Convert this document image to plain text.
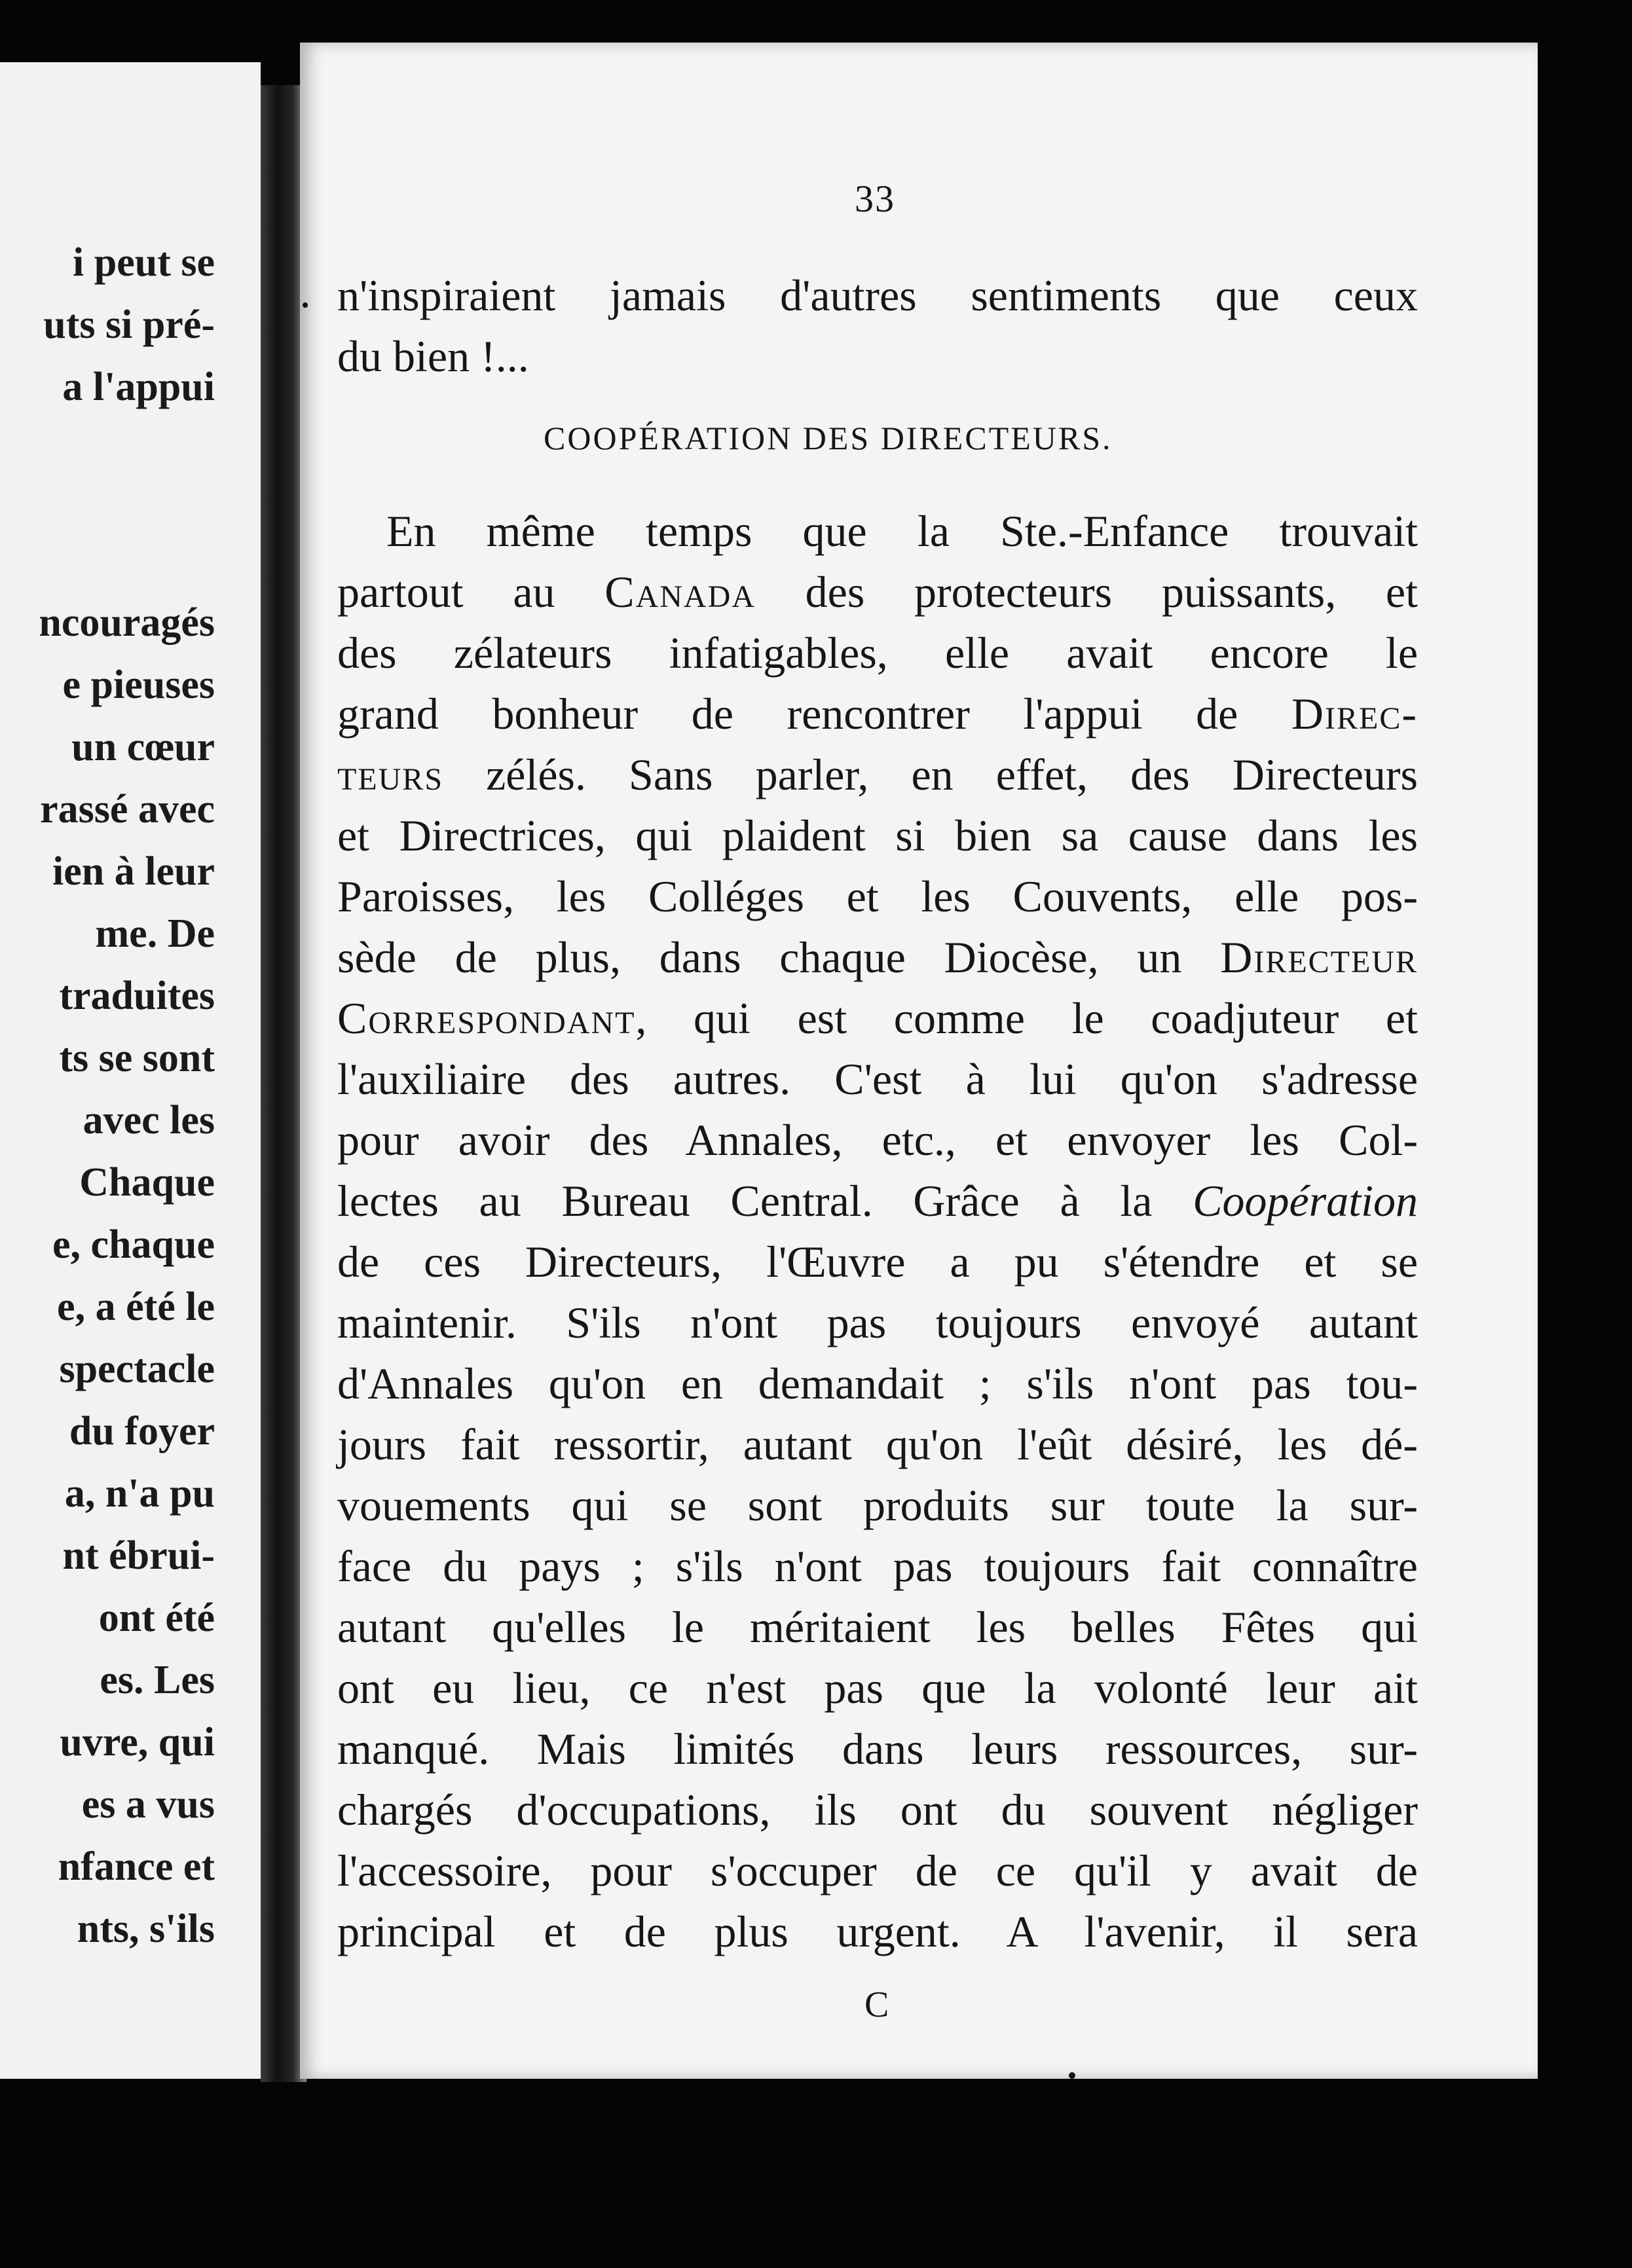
i peut se
uts si pré-
a l'appui
ncouragés
e pieuses
un cœur
rassé avec
ien à leur
me. De
traduites
ts se sont
avec les
Chaque
e, chaque
e, a été le
spectacle
du foyer
a, n'a pu
nt ébrui-
ont été
es. Les
uvre, qui
es a vus
nfance et
nts, s'ils
33
n'inspiraient jamais d'autres sentiments que ceux
du bien !...
COOPÉRATION DES DIRECTEURS.
En même temps que la Ste.-Enfance trouvait
partout au Canada des protecteurs puissants, et
des zélateurs infatigables, elle avait encore le
grand bonheur de rencontrer l'appui de Direc-
teurs zélés. Sans parler, en effet, des Directeurs
et Directrices, qui plaident si bien sa cause dans les
Paroisses, les Colléges et les Couvents, elle pos-
sède de plus, dans chaque Diocèse, un Directeur
Correspondant, qui est comme le coadjuteur et
l'auxiliaire des autres. C'est à lui qu'on s'adresse
pour avoir des Annales, etc., et envoyer les Col-
lectes au Bureau Central. Grâce à la Coopération
de ces Directeurs, l'Œuvre a pu s'étendre et se
maintenir. S'ils n'ont pas toujours envoyé autant
d'Annales qu'on en demandait ; s'ils n'ont pas tou-
jours fait ressortir, autant qu'on l'eût désiré, les dé-
vouements qui se sont produits sur toute la sur-
face du pays ; s'ils n'ont pas toujours fait connaître
autant qu'elles le méritaient les belles Fêtes qui
ont eu lieu, ce n'est pas que la volonté leur ait
manqué. Mais limités dans leurs ressources, sur-
chargés d'occupations, ils ont du souvent négliger
l'accessoire, pour s'occuper de ce qu'il y avait de
principal et de plus urgent. A l'avenir, il sera
C
